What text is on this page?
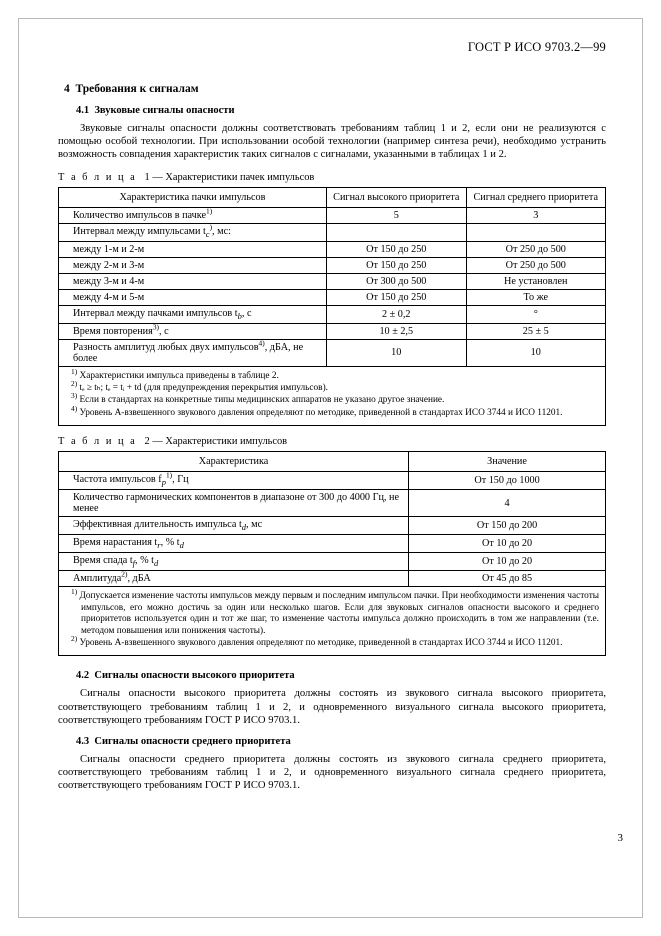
ГОСТ Р ИСО 9703.2—99
4 Требования к сигналам
4.1 Звуковые сигналы опасности

Звуковые сигналы опасности должны соответствовать требованиям таблиц 1 и 2, если они не реализуются с помощью особой технологии. При использовании особой технологии (например синтеза речи), необходимо устранить возможность совпадения характеристик таких сигналов с сигналами, указанными в таблицах 1 и 2.

Т а б л и ц а 1 — Характеристики пачек импульсов
Характеристика пачки импульсов	Сигнал высокого приоритета	Сигнал среднего приоритета
Количество импульсов в пачке$^{1)}$	5	3
Интервал между импульсами $t_c^)$, мс:		
между 1-м и 2-м	От 150 до 250	От 250 до 500
между 2-м и 3-м	От 150 до 250	От 250 до 500
между 3-м и 4-м	От 300 до 500	Не установлен
между 4-м и 5-м	От 150 до 250	То же
Интервал между пачками импульсов $t_b$, с	2 ± 0,2	°
Время повторения$^{3)}$, с	10 ± 2,5	25 ± 5
Разность амплитуд любых двух импульсов$^{4)}$, дБА, не более	10	10
$^{1)}$ Характеристики импульса приведены в таблице 2.
$^{2)}$ tₑ ≥ tₕ; tₑ = tᵢ + td (для предупреждения перекрытия импульсов).
$^{3)}$ Если в стандартах на конкретные типы медицинских аппаратов не указано другое значение.
$^{4)}$ Уровень А-взвешенного звукового давления определяют по методике, приведенной в стандартах ИСО 3744 и ИСО 11201.
Т а б л и ц а 2 — Характеристики импульсов
Характеристика	Значение
Частота импульсов $f_р^{1)}$, Гц	От 150 до 1000
Количество гармонических компонентов в диапазоне от 300 до 4000 Гц, не менее	4
Эффективная длительность импульса $t_d$, мс	От 150 до 200
Время нарастания $t_r$, % $t_d$	От 10 до 20
Время спада $t_f$, % $t_d$	От 10 до 20
Амплитуда$^{2)}$, дБА	От 45 до 85
$^{1)}$ Допускается изменение частоты импульсов между первым и последним импульсом пачки. При необходимости изменения частоты импульсов, его можно достичь за один или несколько шагов. Если для звуковых сигналов опасности высокого и среднего приоритетов используется один и тот же шаг, то изменение частоты импульса должно происходить в том же направлении (т.е. методом повышения или понижения частоты).
$^{2)}$ Уровень А-взвешенного звукового давления определяют по методике, приведенной в стандартах ИСО 3744 и ИСО 11201.
4.2 Сигналы опасности высокого приоритета

Сигналы опасности высокого приоритета должны состоять из звукового сигнала высокого приоритета, соответствующего требованиям таблиц 1 и 2, и одновременного визуального сигнала высокого приоритета, соответствующего требованиям ГОСТ Р ИСО 9703.1.

4.3 Сигналы опасности среднего приоритета

Сигналы опасности среднего приоритета должны состоять из звукового сигнала среднего приоритета, соответствующего требованиям таблиц 1 и 2, и одновременного визуального сигнала среднего приоритета, соответствующего требованиям ГОСТ Р ИСО 9703.1.

3
